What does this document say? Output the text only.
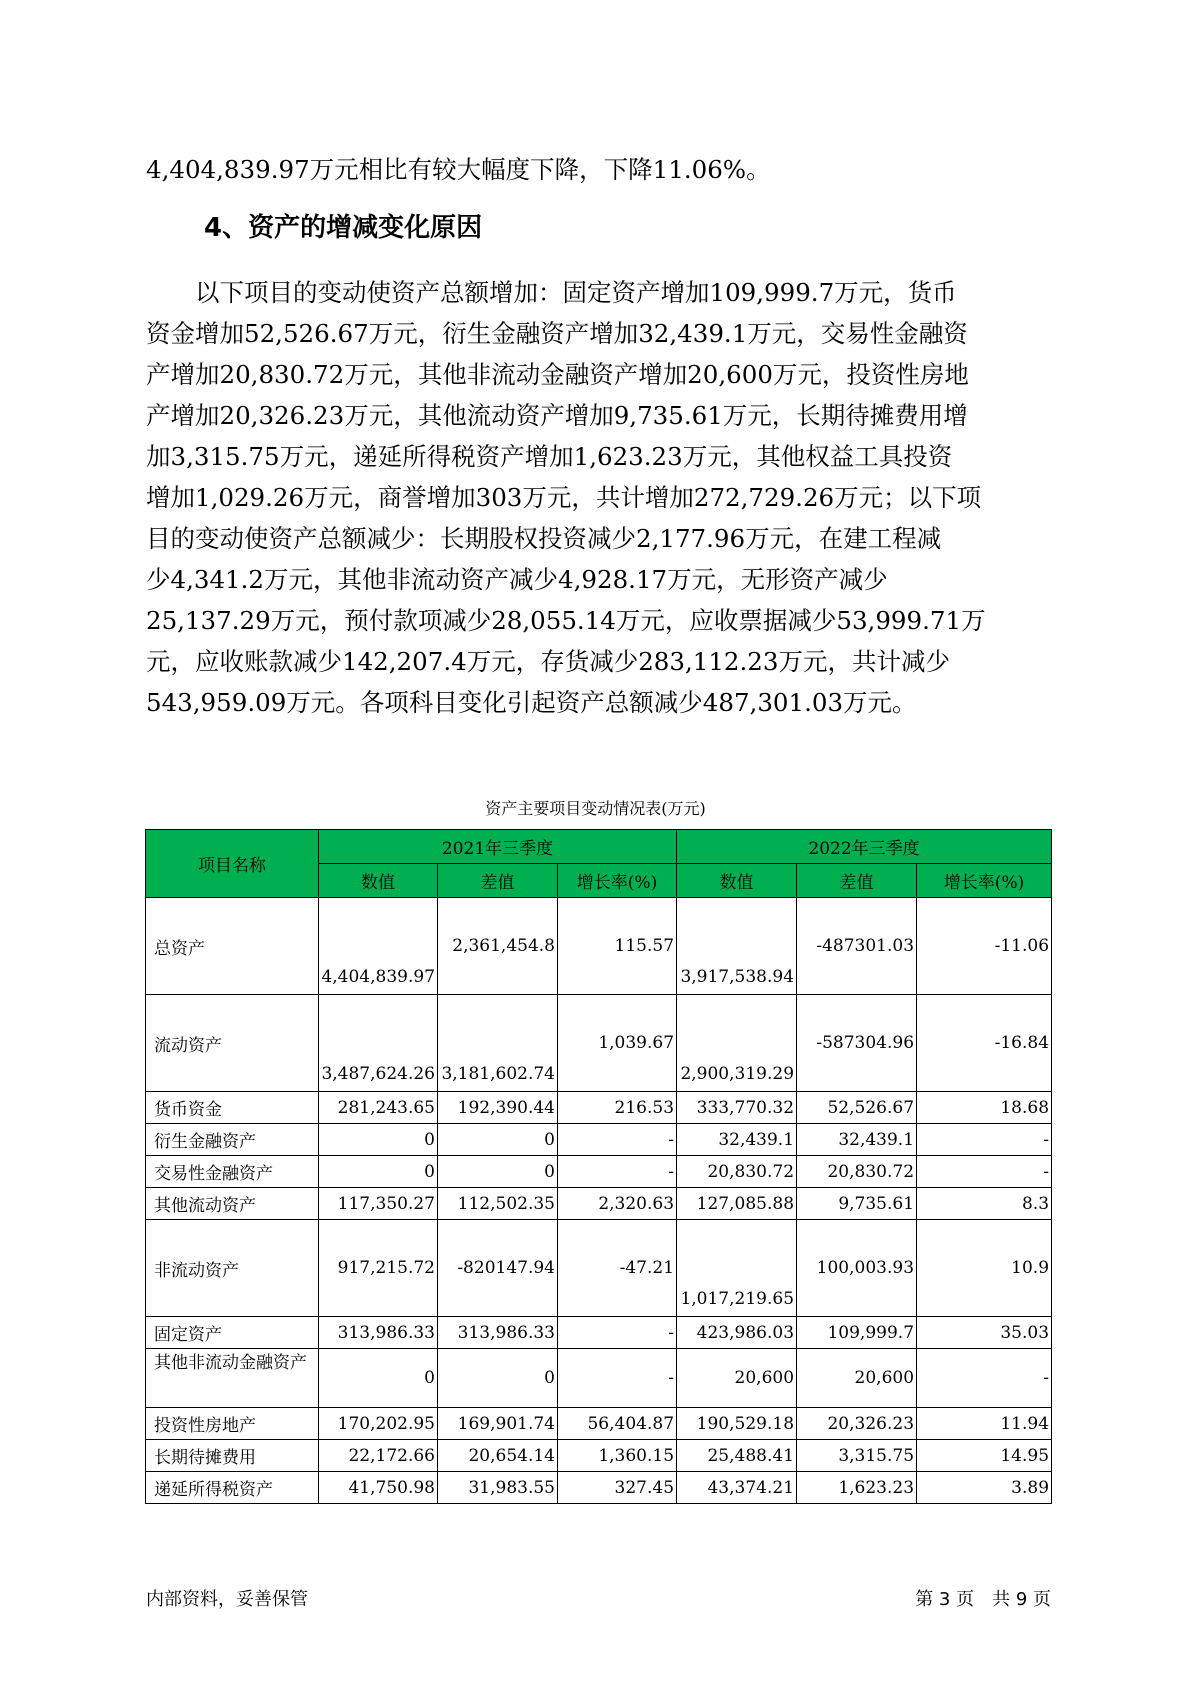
4,404,839.97万元相比有较大幅度下降，下降11.06%。
4、资产的增减变化原因
　　以下项目的变动使资产总额增加：固定资产增加109,999.7万元，货币
资金增加52,526.67万元，衍生金融资产增加32,439.1万元，交易性金融资
产增加20,830.72万元，其他非流动金融资产增加20,600万元，投资性房地
产增加20,326.23万元，其他流动资产增加9,735.61万元，长期待摊费用增
加3,315.75万元，递延所得税资产增加1,623.23万元，其他权益工具投资
增加1,029.26万元，商誉增加303万元，共计增加272,729.26万元；以下项
目的变动使资产总额减少：长期股权投资减少2,177.96万元，在建工程减
少4,341.2万元，其他非流动资产减少4,928.17万元，无形资产减少
25,137.29万元，预付款项减少28,055.14万元，应收票据减少53,999.71万
元，应收账款减少142,207.4万元，存货减少283,112.23万元，共计减少
543,959.09万元。各项科目变化引起资产总额减少487,301.03万元。
资产主要项目变动情况表(万元)
项目名称	2021年三季度			2022年三季度		
	数值	差值	增长率(%)	数值	差值	增长率(%)
总资产	4,404,839.97	2,361,454.8	115.57	3,917,538.94	-487301.03	-11.06
流动资产	3,487,624.26	3,181,602.74	1,039.67	2,900,319.29	-587304.96	-16.84
货币资金	281,243.65	192,390.44	216.53	333,770.32	52,526.67	18.68
衍生金融资产	0	0	-	32,439.1	32,439.1	-
交易性金融资产	0	0	-	20,830.72	20,830.72	-
其他流动资产	117,350.27	112,502.35	2,320.63	127,085.88	9,735.61	8.3
非流动资产	917,215.72	-820147.94	-47.21	1,017,219.65	100,003.93	10.9
固定资产	313,986.33	313,986.33	-	423,986.03	109,999.7	35.03
其他非流动金融资产	0	0	-	20,600	20,600	-
投资性房地产	170,202.95	169,901.74	56,404.87	190,529.18	20,326.23	11.94
长期待摊费用	22,172.66	20,654.14	1,360.15	25,488.41	3,315.75	14.95
递延所得税资产	41,750.98	31,983.55	327.45	43,374.21	1,623.23	3.89
内部资料，妥善保管	第 3 页　共 9 页
